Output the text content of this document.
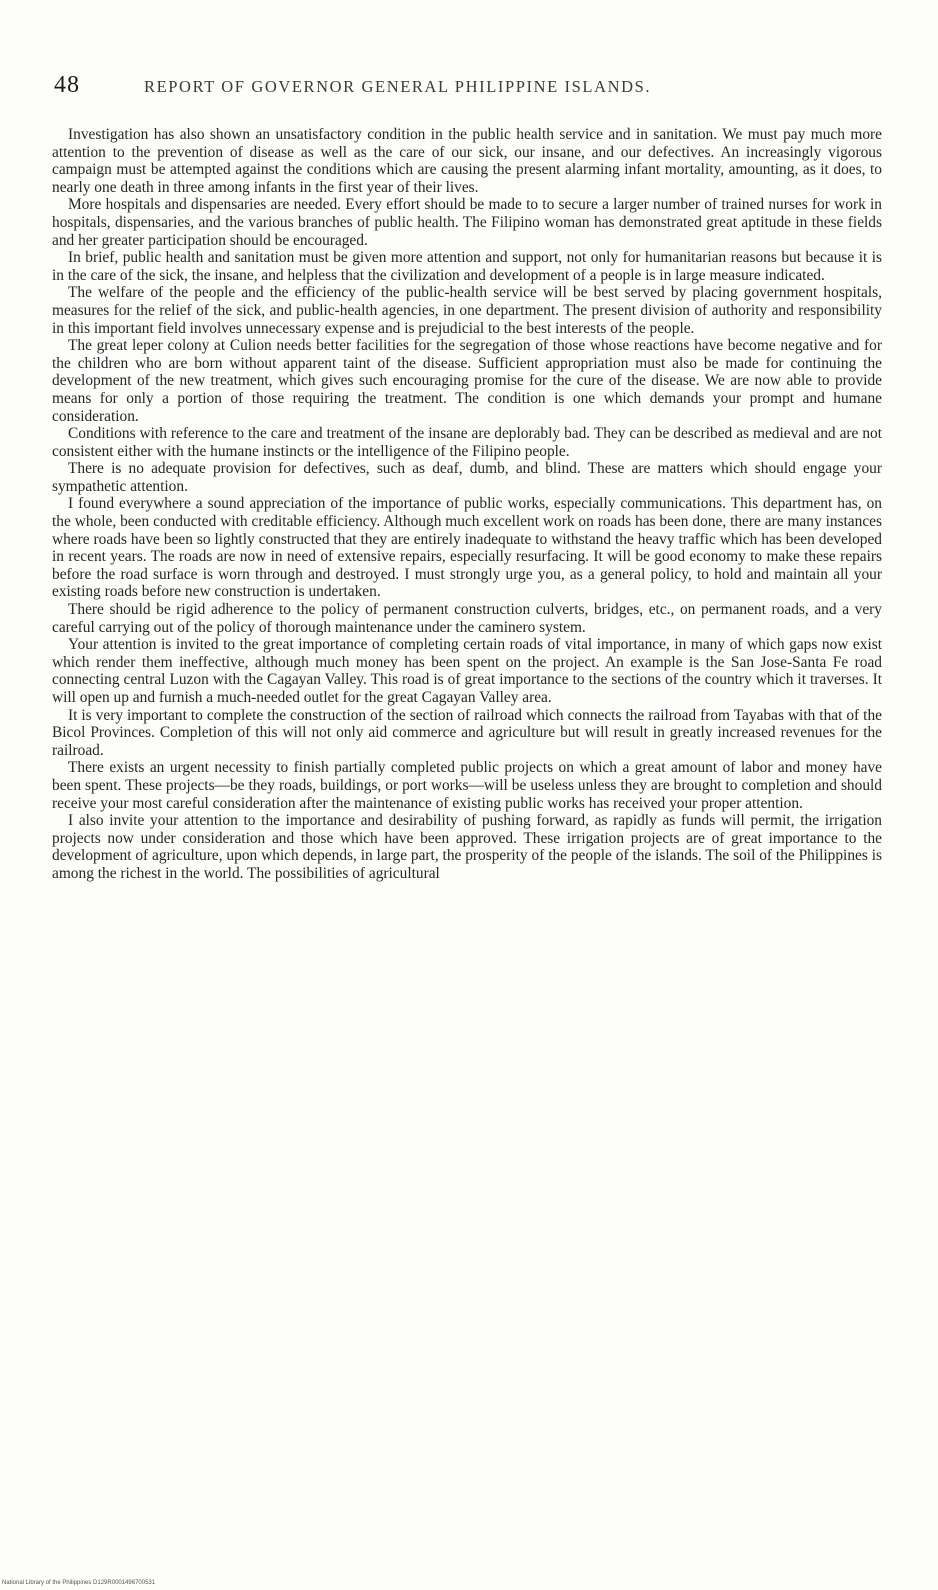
48	REPORT OF GOVERNOR GENERAL PHILIPPINE ISLANDS.

Investigation has also shown an unsatisfactory condition in the public health service and in sanitation. We must pay much more attention to the prevention of disease as well as the care of our sick, our insane, and our defectives. An increasingly vigorous campaign must be attempted against the conditions which are causing the present alarming infant mortality, amounting, as it does, to nearly one death in three among infants in the first year of their lives.

More hospitals and dispensaries are needed. Every effort should be made to to secure a larger number of trained nurses for work in hospitals, dispensaries, and the various branches of public health. The Filipino woman has demonstrated great aptitude in these fields and her greater participation should be encouraged.

In brief, public health and sanitation must be given more attention and support, not only for humanitarian reasons but because it is in the care of the sick, the insane, and helpless that the civilization and development of a people is in large measure indicated.

The welfare of the people and the efficiency of the public-health service will be best served by placing government hospitals, measures for the relief of the sick, and public-health agencies, in one department. The present division of authority and responsibility in this important field involves unnecessary expense and is prejudicial to the best interests of the people.

The great leper colony at Culion needs better facilities for the segregation of those whose reactions have become negative and for the children who are born without apparent taint of the disease. Sufficient appropriation must also be made for continuing the development of the new treatment, which gives such encouraging promise for the cure of the disease. We are now able to provide means for only a portion of those requiring the treatment. The condition is one which demands your prompt and humane consideration.

Conditions with reference to the care and treatment of the insane are deplorably bad. They can be described as medieval and are not consistent either with the humane instincts or the intelligence of the Filipino people.

There is no adequate provision for defectives, such as deaf, dumb, and blind. These are matters which should engage your sympathetic attention.

I found everywhere a sound appreciation of the importance of public works, especially communications. This department has, on the whole, been conducted with creditable efficiency. Although much excellent work on roads has been done, there are many instances where roads have been so lightly constructed that they are entirely inadequate to withstand the heavy traffic which has been developed in recent years. The roads are now in need of extensive repairs, especially resurfacing. It will be good economy to make these repairs before the road surface is worn through and destroyed. I must strongly urge you, as a general policy, to hold and maintain all your existing roads before new construction is undertaken.

There should be rigid adherence to the policy of permanent construction culverts, bridges, etc., on permanent roads, and a very careful carrying out of the policy of thorough maintenance under the caminero system.

Your attention is invited to the great importance of completing certain roads of vital importance, in many of which gaps now exist which render them ineffective, although much money has been spent on the project. An example is the San Jose-Santa Fe road connecting central Luzon with the Cagayan Valley. This road is of great importance to the sections of the country which it traverses. It will open up and furnish a much-needed outlet for the great Cagayan Valley area.

It is very important to complete the construction of the section of railroad which connects the railroad from Tayabas with that of the Bicol Provinces. Completion of this will not only aid commerce and agriculture but will result in greatly increased revenues for the railroad.

There exists an urgent necessity to finish partially completed public projects on which a great amount of labor and money have been spent. These projects—be they roads, buildings, or port works—will be useless unless they are brought to completion and should receive your most careful consideration after the maintenance of existing public works has received your proper attention.

I also invite your attention to the importance and desirability of pushing forward, as rapidly as funds will permit, the irrigation projects now under consideration and those which have been approved. These irrigation projects are of great importance to the development of agriculture, upon which depends, in large part, the prosperity of the people of the islands. The soil of the Philippines is among the richest in the world. The possibilities of agricultural

National Library of the Philippines D129R0001496700531
